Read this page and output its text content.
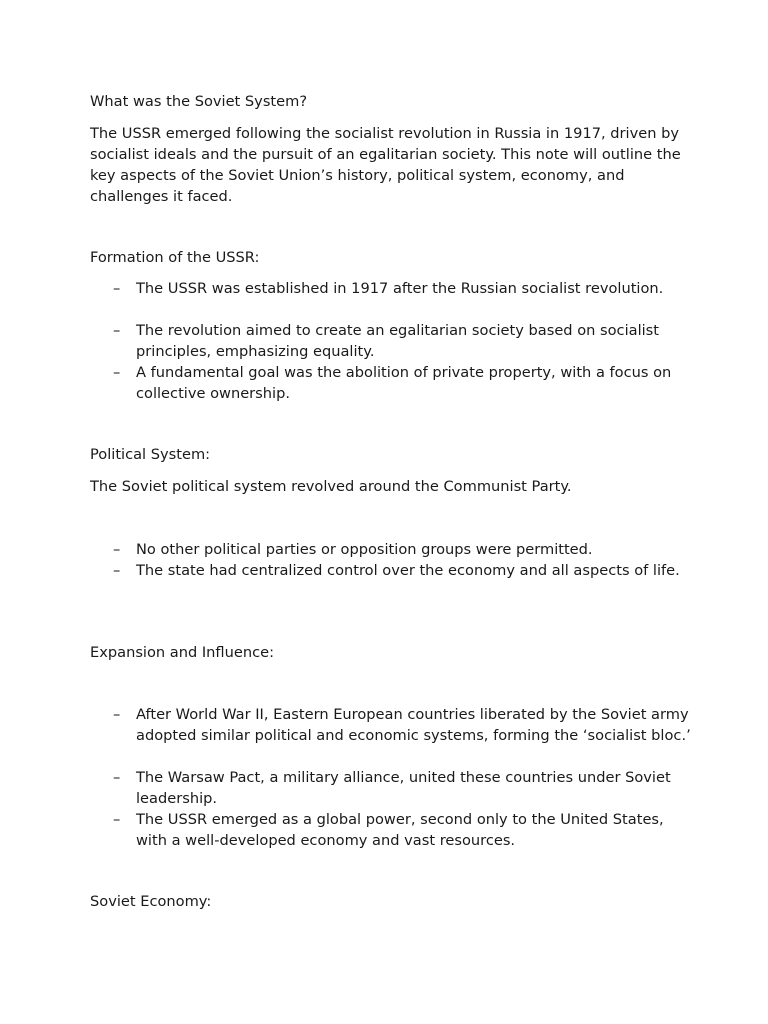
What was the Soviet System?
The USSR emerged following the socialist revolution in Russia in 1917, driven by socialist ideals and the pursuit of an egalitarian society. This note will outline the key aspects of the Soviet Union’s history, political system, economy, and challenges it faced.
Formation of the USSR:
– The USSR was established in 1917 after the Russian socialist revolution.
– The revolution aimed to create an egalitarian society based on socialist principles, emphasizing equality.
– A fundamental goal was the abolition of private property, with a focus on collective ownership.
Political System:
The Soviet political system revolved around the Communist Party.
– No other political parties or opposition groups were permitted.
– The state had centralized control over the economy and all aspects of life.
Expansion and Influence:
– After World War II, Eastern European countries liberated by the Soviet army adopted similar political and economic systems, forming the ‘socialist bloc.’
– The Warsaw Pact, a military alliance, united these countries under Soviet leadership.
– The USSR emerged as a global power, second only to the United States, with a well-developed economy and vast resources.
Soviet Economy:
